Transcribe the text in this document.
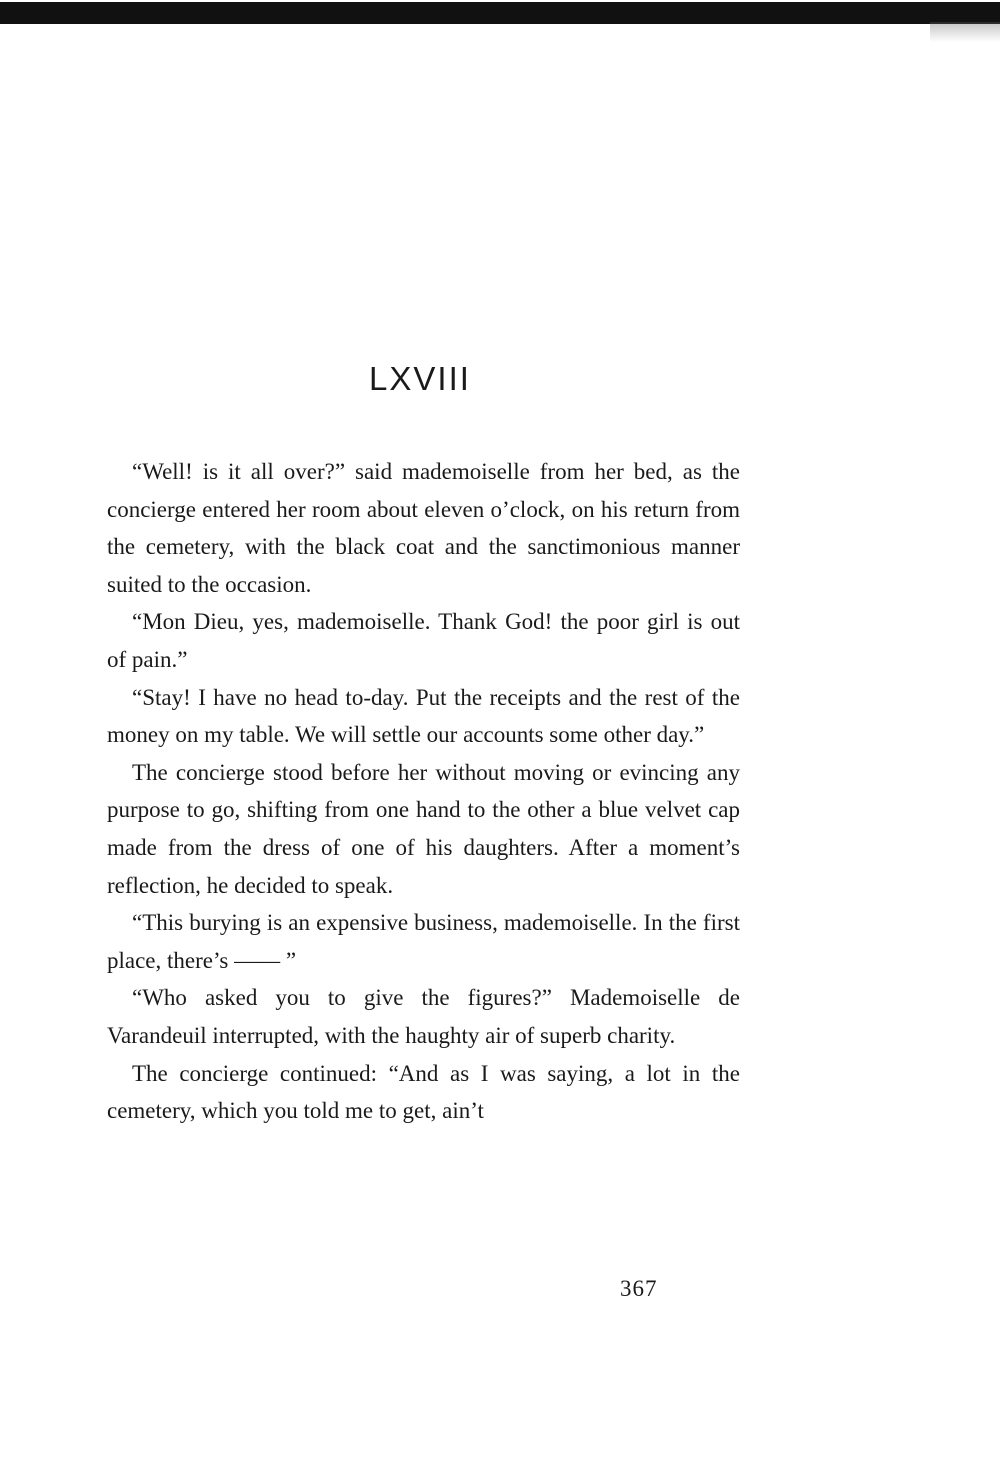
LXVIII

“Well! is it all over?” said mademoiselle from her bed, as the concierge entered her room about eleven o’clock, on his return from the cemetery, with the black coat and the sanctimonious manner suited to the occasion.

“Mon Dieu, yes, mademoiselle. Thank God! the poor girl is out of pain.”

“Stay! I have no head to-day. Put the receipts and the rest of the money on my table. We will settle our accounts some other day.”

The concierge stood before her without moving or evincing any purpose to go, shifting from one hand to the other a blue velvet cap made from the dress of one of his daughters. After a moment’s reflection, he decided to speak.

“This burying is an expensive business, mademoiselle. In the first place, there’s —— ”

“Who asked you to give the figures?” Mademoiselle de Varandeuil interrupted, with the haughty air of superb charity.

The concierge continued: “And as I was saying, a lot in the cemetery, which you told me to get, ain’t

367
